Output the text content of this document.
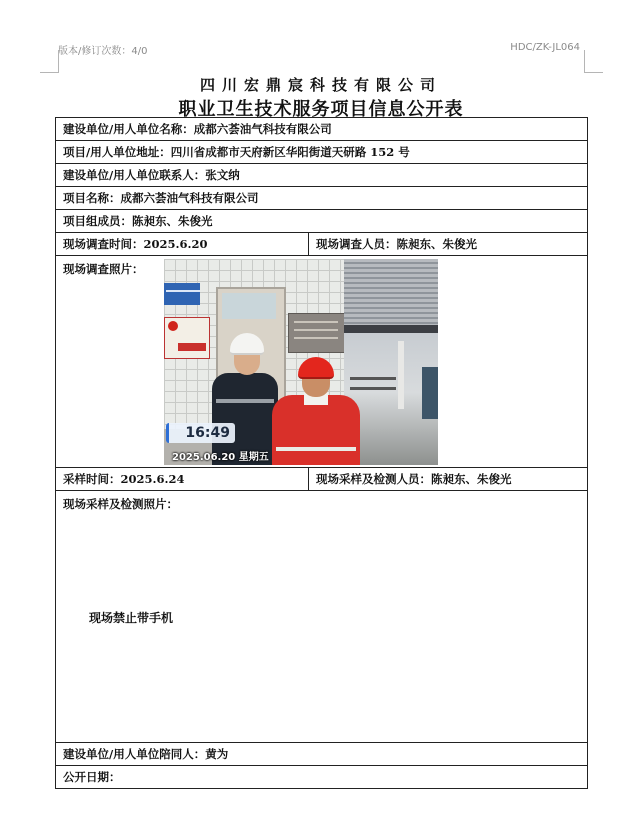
版本/修订次数：4/0	HDC/ZK-JL064
四川宏鼎宸科技有限公司
职业卫生技术服务项目信息公开表
建设单位/用人单位名称：成都六荟油气科技有限公司	
项目/用人单位地址：四川省成都市天府新区华阳街道天研路 152 号	
建设单位/用人单位联系人：张文纳	
项目名称：成都六荟油气科技有限公司	
项目组成员：陈昶东、朱俊光	
现场调查时间：2025.6.20	现场调查人员：陈昶东、朱俊光

现场调查照片：
16:49
2025.06.20 星期五	

采样时间：2025.6.24	现场采样及检测人员：陈昶东、朱俊光

现场采样及检测照片：
现场禁止带手机	

建设单位/用人单位陪同人：黄为	
公开日期：	
